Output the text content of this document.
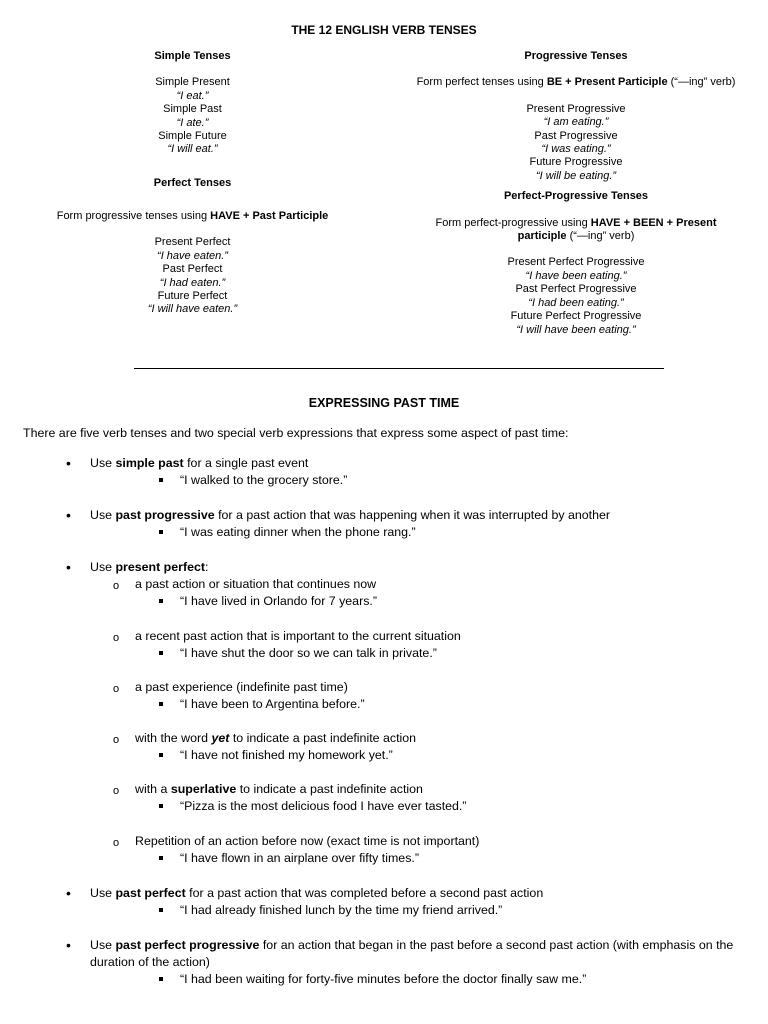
THE 12 ENGLISH VERB TENSES
Simple Tenses
Simple Present
“I eat.”
Simple Past
“I ate.”
Simple Future
“I will eat.”
Perfect Tenses
Form progressive tenses using HAVE + Past Participle
Present Perfect
“I have eaten.”
Past Perfect
“I had eaten.”
Future Perfect
“I will have eaten.”
Progressive Tenses
Form perfect tenses using BE + Present Participle (“—ing” verb)
Present Progressive
“I am eating.”
Past Progressive
“I was eating.”
Future Progressive
“I will be eating.”
Perfect-Progressive Tenses
Form perfect-progressive using HAVE + BEEN + Present
participle (“—ing” verb)
Present Perfect Progressive
“I have been eating.”
Past Perfect Progressive
“I had been eating.”
Future Perfect Progressive
“I will have been eating.”
EXPRESSING PAST TIME
There are five verb tenses and two special verb expressions that express some aspect of past time:
• Use simple past for a single past event
“I walked to the grocery store.”
• Use past progressive for a past action that was happening when it was interrupted by another
“I was eating dinner when the phone rang.”
• Use present perfect:
o a past action or situation that continues now
“I have lived in Orlando for 7 years.”
o a recent past action that is important to the current situation
“I have shut the door so we can talk in private.”
o a past experience (indefinite past time)
“I have been to Argentina before.”
o with the word yet to indicate a past indefinite action
“I have not finished my homework yet.”
o with a superlative to indicate a past indefinite action
“Pizza is the most delicious food I have ever tasted.”
o Repetition of an action before now (exact time is not important)
“I have flown in an airplane over fifty times.”
• Use past perfect for a past action that was completed before a second past action
“I had already finished lunch by the time my friend arrived.”
• Use past perfect progressive for an action that began in the past before a second past action (with emphasis on the
duration of the action)
“I had been waiting for forty-five minutes before the doctor finally saw me.”
